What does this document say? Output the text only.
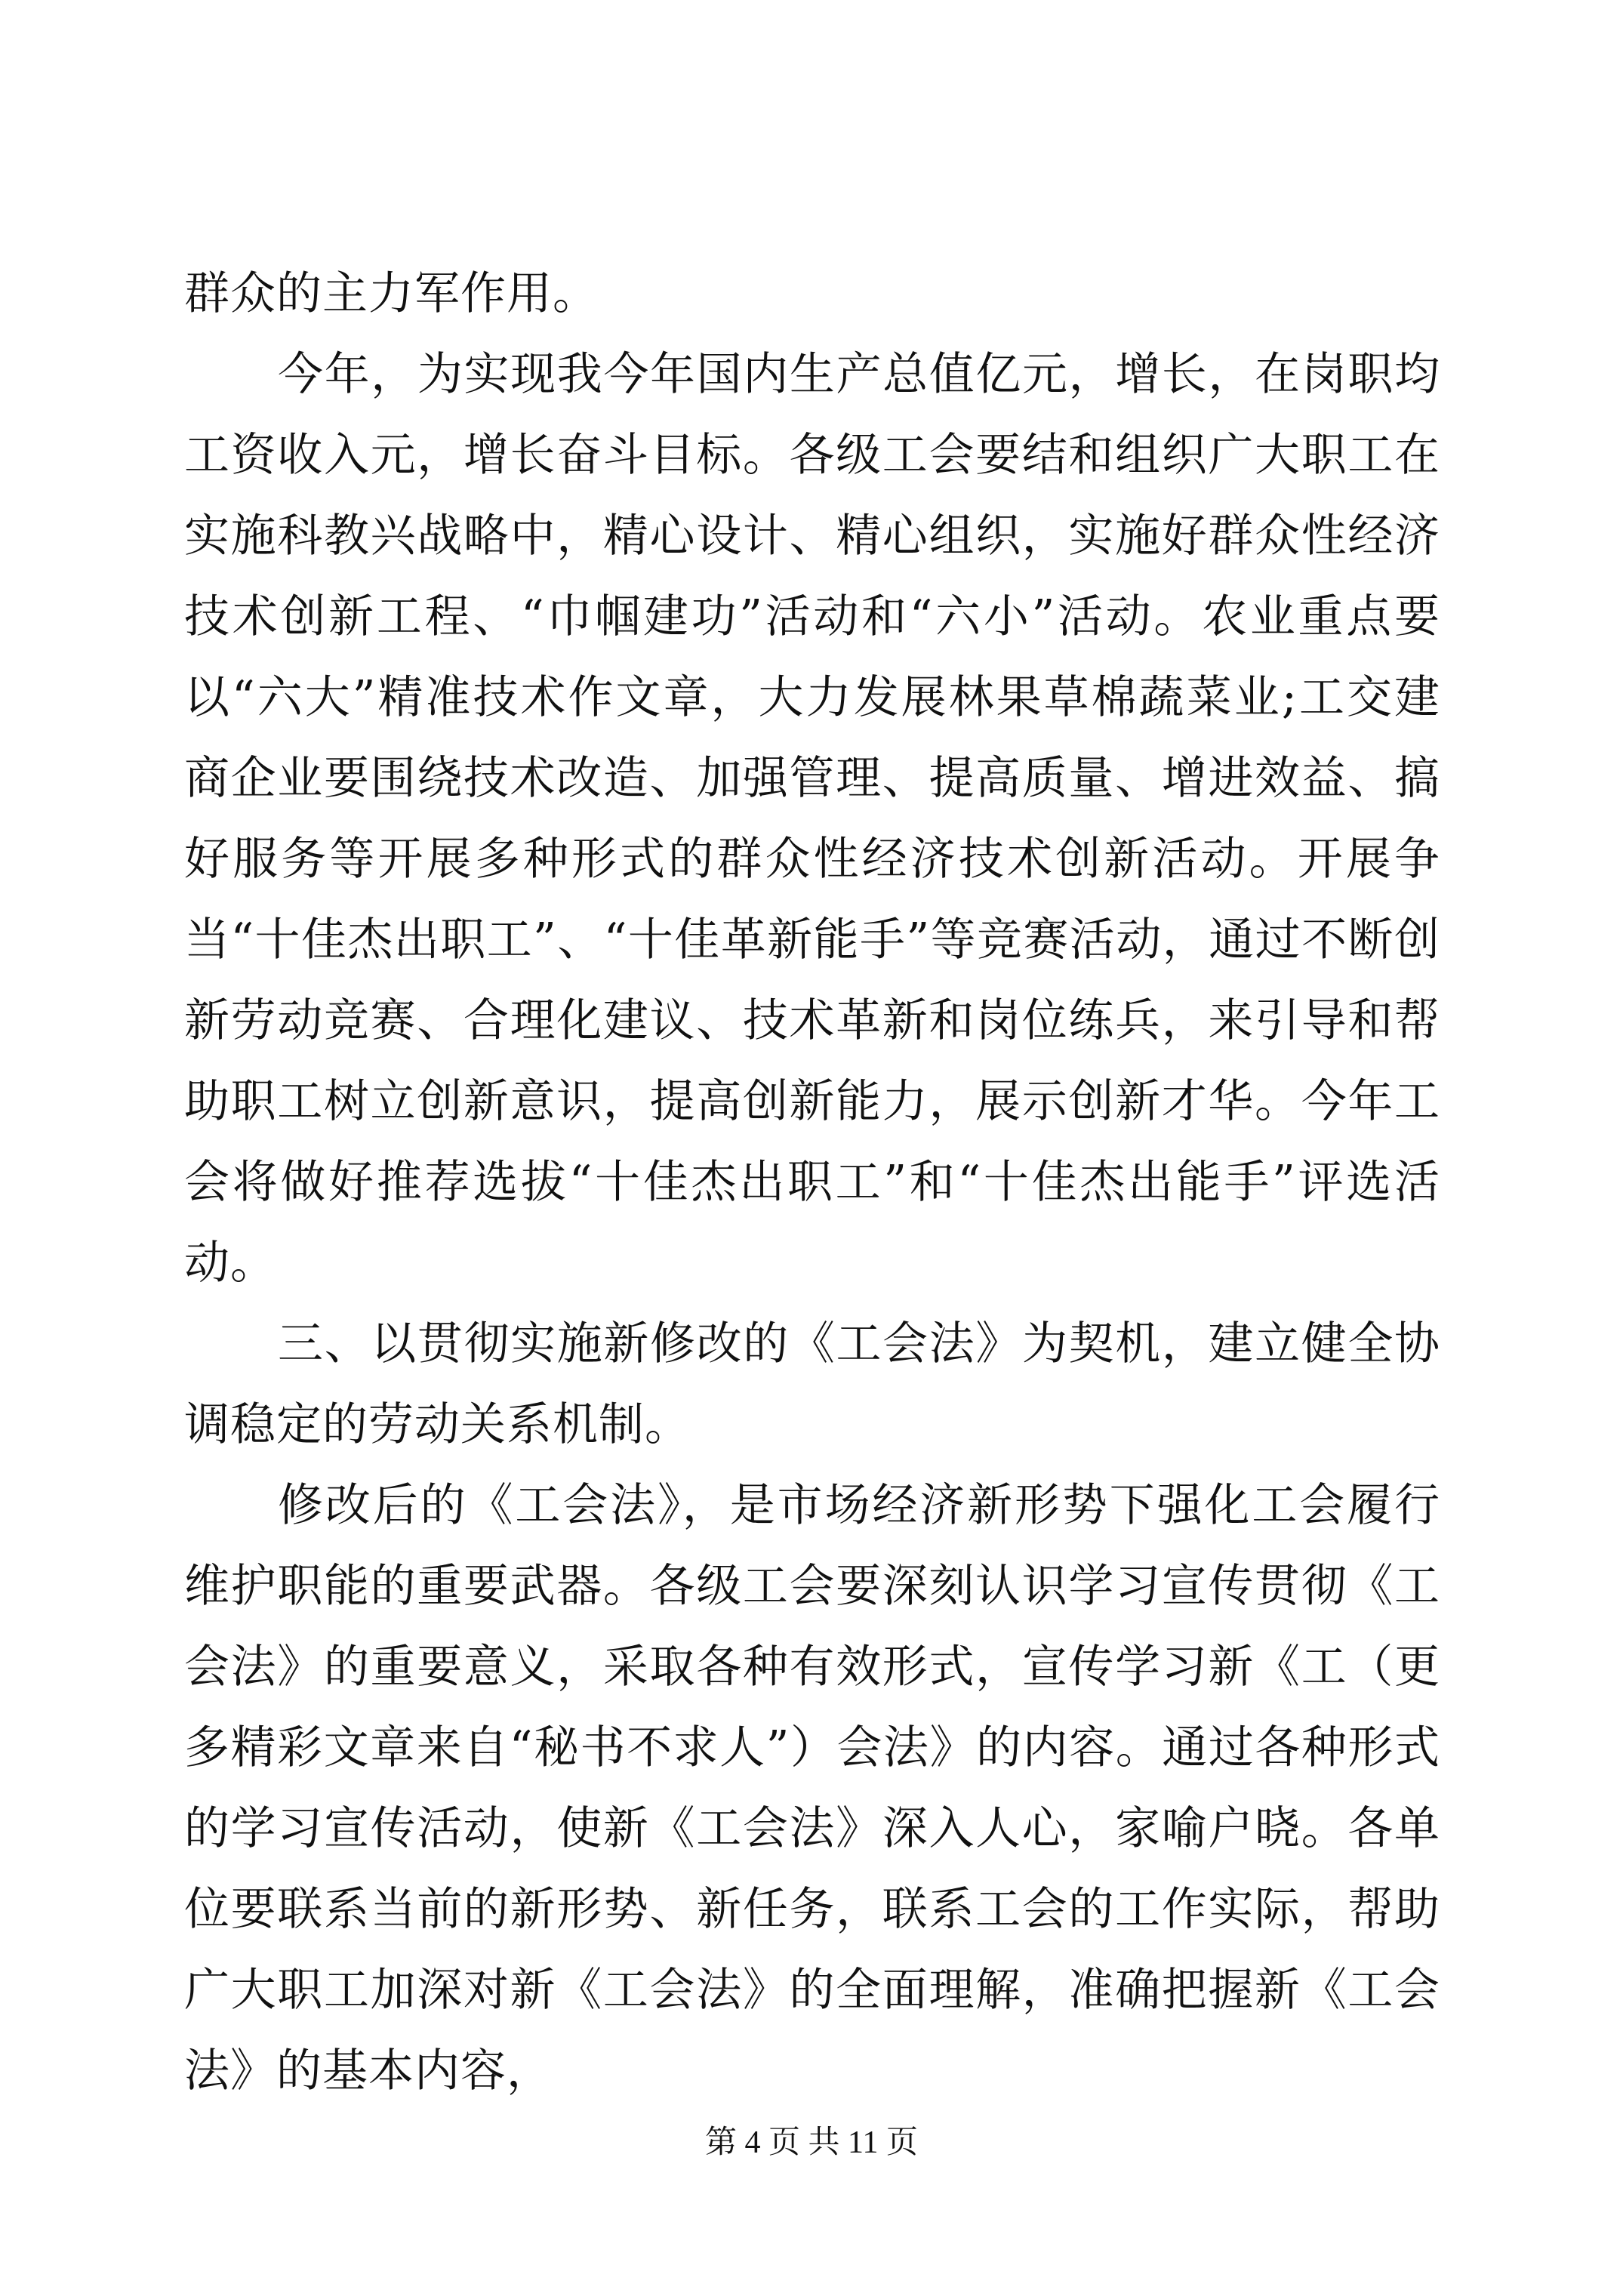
群众的主力军作用。

今年，为实现我今年国内生产总值亿元，增长，在岗职均工资收入元，增长奋斗目标。各级工会要结和组织广大职工在实施科教兴战略中，精心设计、精心组织，实施好群众性经济技术创新工程、“巾帼建功”活动和“六小”活动。农业重点要以“六大”精准技术作文章，大力发展林果草棉蔬菜业;工交建商企业要围绕技术改造、加强管理、提高质量、增进效益、搞好服务等开展多种形式的群众性经济技术创新活动。开展争当“十佳杰出职工”、“十佳革新能手”等竞赛活动，通过不断创新劳动竞赛、合理化建议、技术革新和岗位练兵，来引导和帮助职工树立创新意识，提高创新能力，展示创新才华。今年工会将做好推荐选拔“十佳杰出职工”和“十佳杰出能手”评选活动。

三、以贯彻实施新修改的《工会法》为契机，建立健全协调稳定的劳动关系机制。

修改后的《工会法》，是市场经济新形势下强化工会履行维护职能的重要武器。各级工会要深刻认识学习宣传贯彻《工会法》的重要意义，采取各种有效形式，宣传学习新《工（更多精彩文章来自“秘书不求人”）会法》的内容。通过各种形式的学习宣传活动，使新《工会法》深入人心，家喻户晓。各单位要联系当前的新形势、新任务，联系工会的工作实际，帮助广大职工加深对新《工会法》的全面理解，准确把握新《工会法》的基本内容，

第 4 页 共 11 页
